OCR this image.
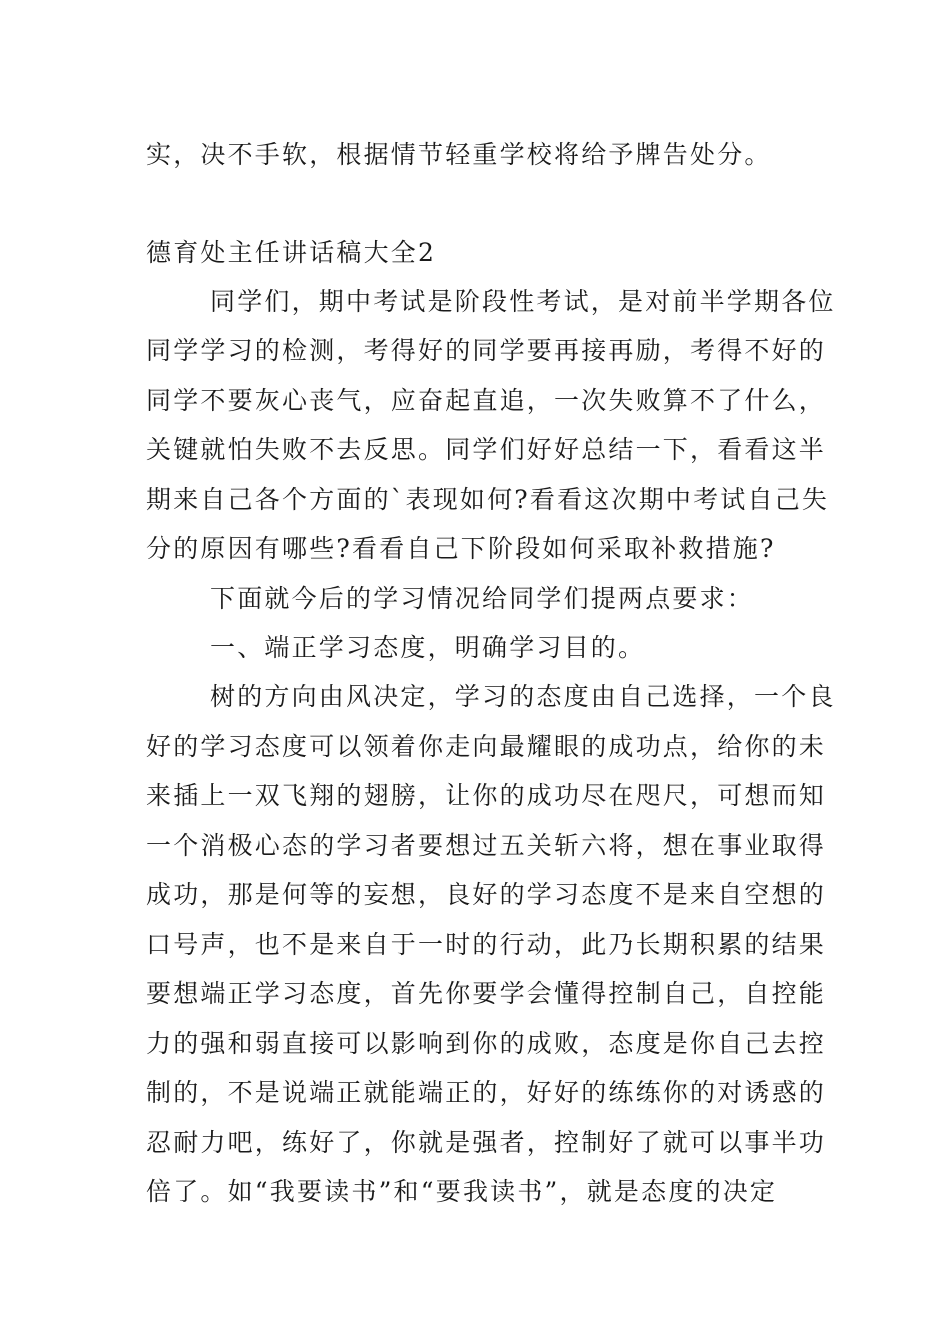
实，决不手软，根据情节轻重学校将给予牌告处分。
德育处主任讲话稿大全2
同学们，期中考试是阶段性考试，是对前半学期各位
同学学习的检测，考得好的同学要再接再励，考得不好的
同学不要灰心丧气，应奋起直追，一次失败算不了什么，
关键就怕失败不去反思。同学们好好总结一下，看看这半
期来自己各个方面的`表现如何?看看这次期中考试自己失
分的原因有哪些?看看自己下阶段如何采取补救措施?
下面就今后的学习情况给同学们提两点要求：
一、端正学习态度，明确学习目的。
树的方向由风决定，学习的态度由自己选择，一个良
好的学习态度可以领着你走向最耀眼的成功点，给你的未
来插上一双飞翔的翅膀，让你的成功尽在咫尺，可想而知
一个消极心态的学习者要想过五关斩六将，想在事业取得
成功，那是何等的妄想，良好的学习态度不是来自空想的
口号声，也不是来自于一时的行动，此乃长期积累的结果
要想端正学习态度，首先你要学会懂得控制自己，自控能
力的强和弱直接可以影响到你的成败，态度是你自己去控
制的，不是说端正就能端正的，好好的练练你的对诱惑的
忍耐力吧，练好了，你就是强者，控制好了就可以事半功
倍了。如“我要读书”和“要我读书”，就是态度的决定
